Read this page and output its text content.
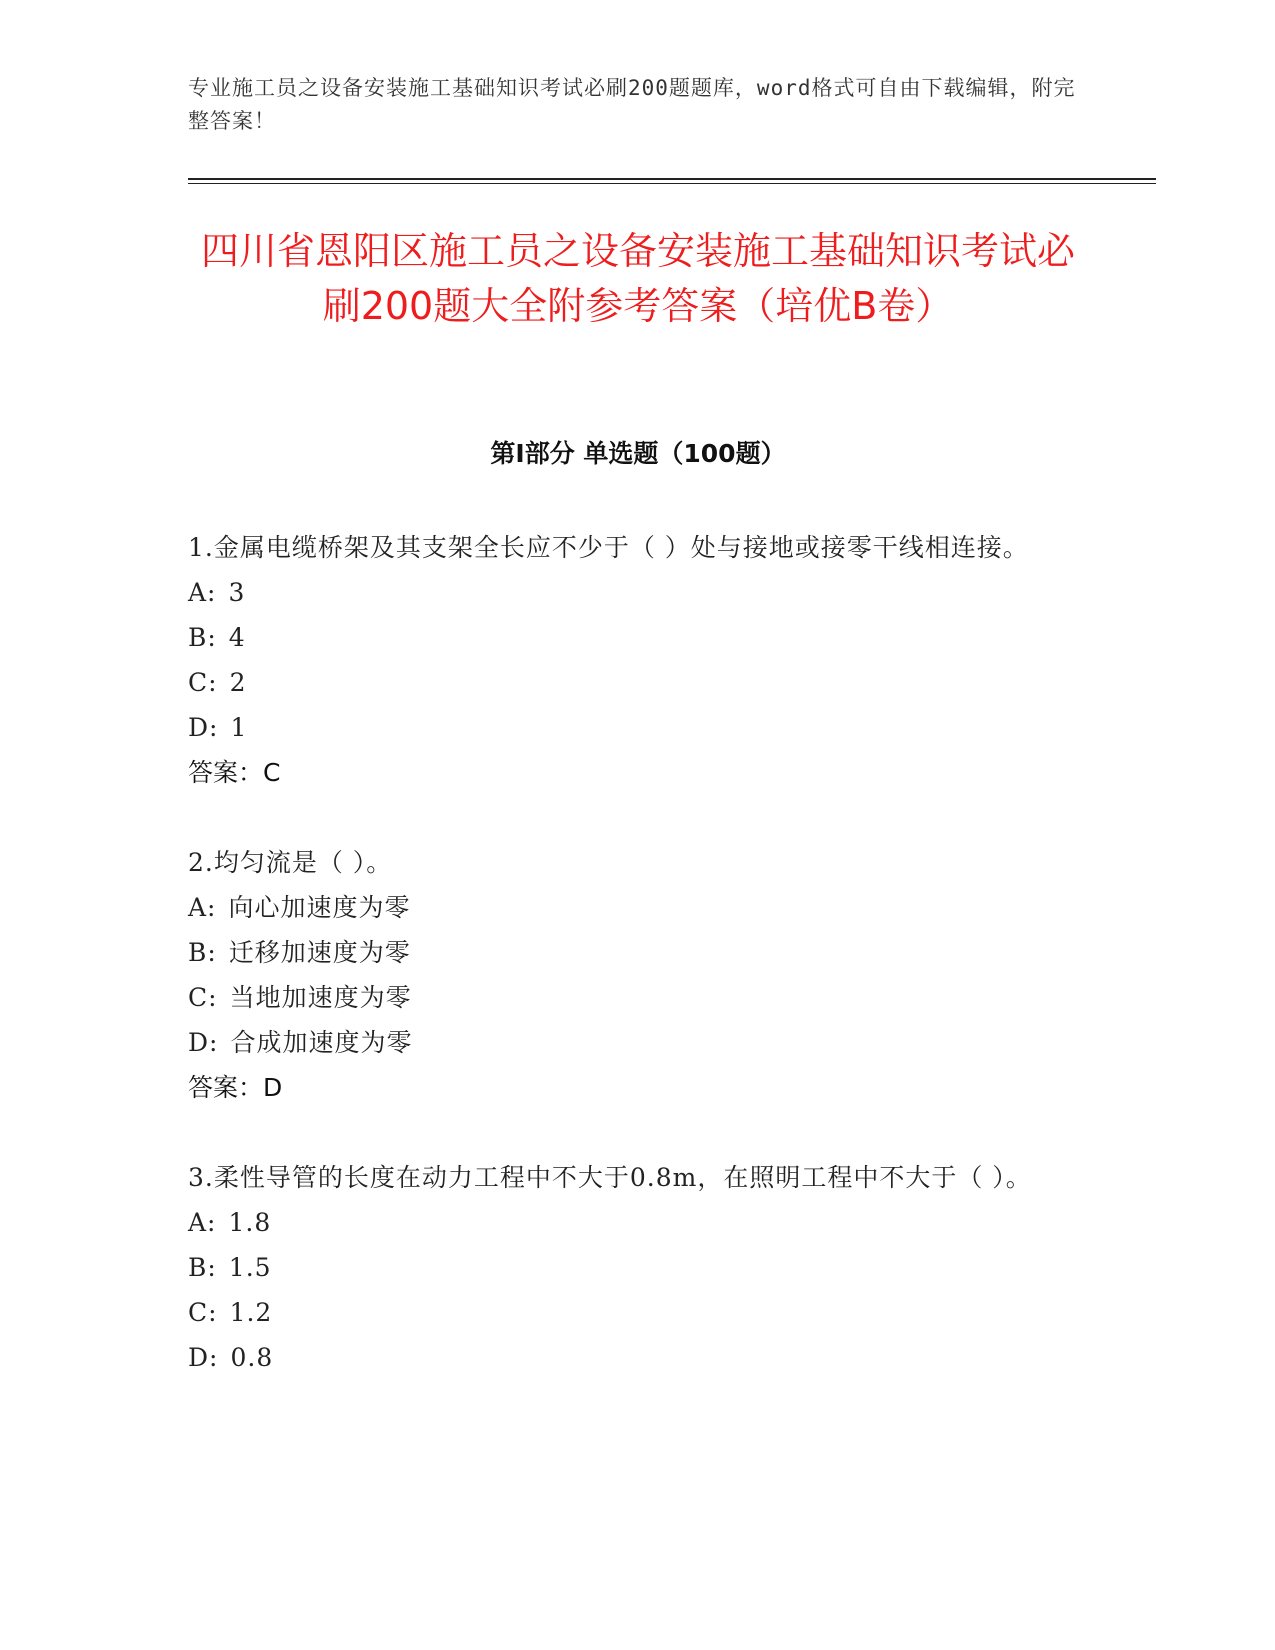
专业施工员之设备安装施工基础知识考试必刷200题题库，word格式可自由下载编辑，附完整答案！
四川省恩阳区施工员之设备安装施工基础知识考试必刷200题大全附参考答案（培优B卷）
第Ⅰ部分 单选题（100题）
1.金属电缆桥架及其支架全长应不少于（ ）处与接地或接零干线相连接。
A: 3
B: 4
C: 2
D: 1
答案：C
2.均匀流是（ ）。
A: 向心加速度为零
B: 迁移加速度为零
C: 当地加速度为零
D: 合成加速度为零
答案：D
3.柔性导管的长度在动力工程中不大于0.8m，在照明工程中不大于（ ）。
A: 1.8
B: 1.5
C: 1.2
D: 0.8
